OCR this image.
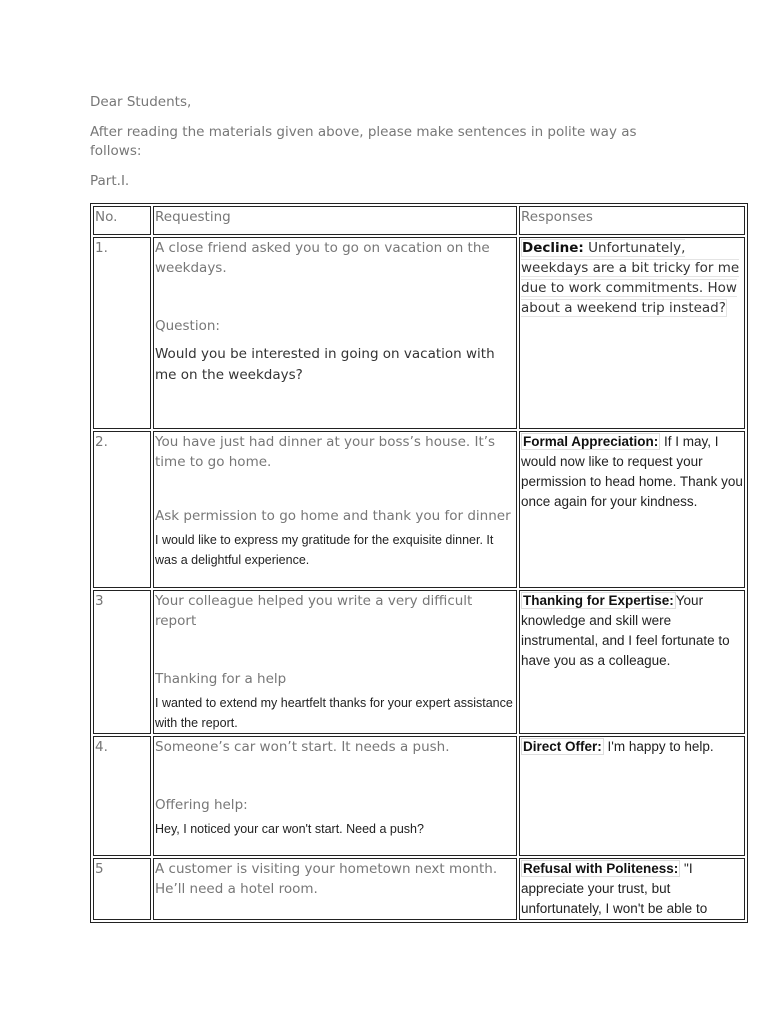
Dear Students,

After reading the materials given above, please make sentences in polite way as follows:

Part.I.

No.	Requesting	Responses
1.	A close friend asked you to go on vacation on the weekdays.
Question:
Would you be interested in going on vacation with me on the weekdays?	Decline: Unfortunately, weekdays are a bit tricky for me due to work commitments. How about a weekend trip instead?
2.	You have just had dinner at your boss’s house. It’s time to go home.
Ask permission to go home and thank you for dinner
I would like to express my gratitude for the exquisite dinner. It was a delightful experience.	Formal Appreciation: If I may, I would now like to request your permission to head home. Thank you once again for your kindness.
3	Your colleague helped you write a very difficult report
Thanking for a help
I wanted to extend my heartfelt thanks for your expert assistance with the report.	Thanking for Expertise: Your knowledge and skill were instrumental, and I feel fortunate to have you as a colleague.
4.	Someone’s car won’t start. It needs a push.
Offering help:
Hey, I noticed your car won't start. Need a push?	Direct Offer: I'm happy to help.
5	A customer is visiting your hometown next month. He’ll need a hotel room.	Refusal with Politeness: "I appreciate your trust, but unfortunately, I won't be able to
